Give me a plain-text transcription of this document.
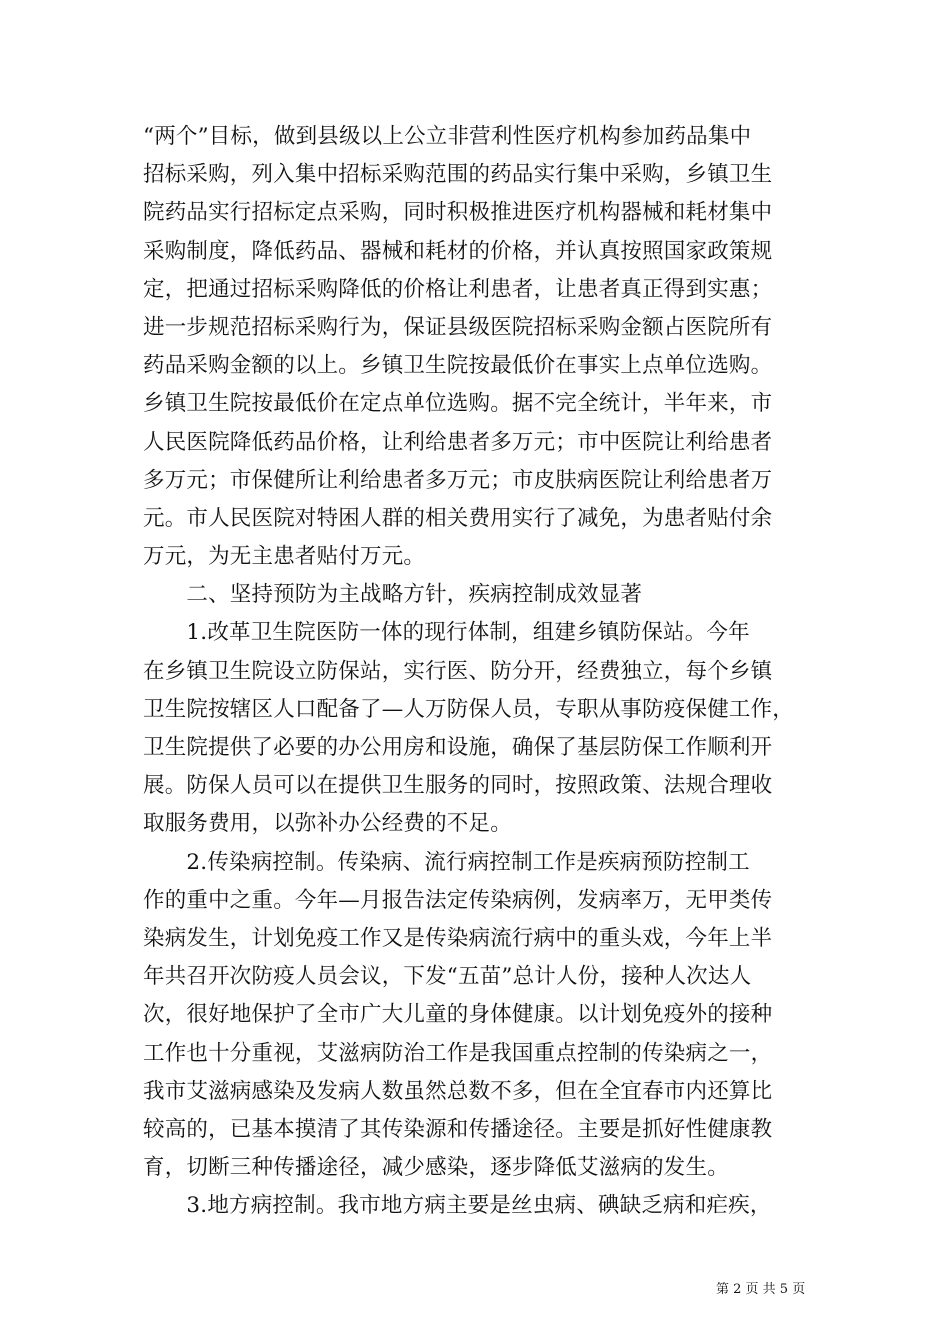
“两个”目标，做到县级以上公立非营利性医疗机构参加药品集中
招标采购，列入集中招标采购范围的药品实行集中采购，乡镇卫生
院药品实行招标定点采购，同时积极推进医疗机构器械和耗材集中
采购制度，降低药品、器械和耗材的价格，并认真按照国家政策规
定，把通过招标采购降低的价格让利患者，让患者真正得到实惠；
进一步规范招标采购行为，保证县级医院招标采购金额占医院所有
药品采购金额的以上。乡镇卫生院按最低价在事实上点单位选购。
乡镇卫生院按最低价在定点单位选购。据不完全统计，半年来，市
人民医院降低药品价格，让利给患者多万元；市中医院让利给患者
多万元；市保健所让利给患者多万元；市皮肤病医院让利给患者万
元。市人民医院对特困人群的相关费用实行了减免，为患者贴付余
万元，为无主患者贴付万元。
　　二、坚持预防为主战略方针，疾病控制成效显著
　　1.改革卫生院医防一体的现行体制，组建乡镇防保站。今年
在乡镇卫生院设立防保站，实行医、防分开，经费独立，每个乡镇
卫生院按辖区人口配备了—人万防保人员，专职从事防疫保健工作，
卫生院提供了必要的办公用房和设施，确保了基层防保工作顺利开
展。防保人员可以在提供卫生服务的同时，按照政策、法规合理收
取服务费用，以弥补办公经费的不足。
　　2.传染病控制。传染病、流行病控制工作是疾病预防控制工
作的重中之重。今年—月报告法定传染病例，发病率万，无甲类传
染病发生，计划免疫工作又是传染病流行病中的重头戏，今年上半
年共召开次防疫人员会议，下发“五苗”总计人份，接种人次达人
次，很好地保护了全市广大儿童的身体健康。以计划免疫外的接种
工作也十分重视，艾滋病防治工作是我国重点控制的传染病之一，
我市艾滋病感染及发病人数虽然总数不多，但在全宜春市内还算比
较高的，已基本摸清了其传染源和传播途径。主要是抓好性健康教
育，切断三种传播途径，减少感染，逐步降低艾滋病的发生。
　　3.地方病控制。我市地方病主要是丝虫病、碘缺乏病和疟疾，
第 2 页 共 5 页
